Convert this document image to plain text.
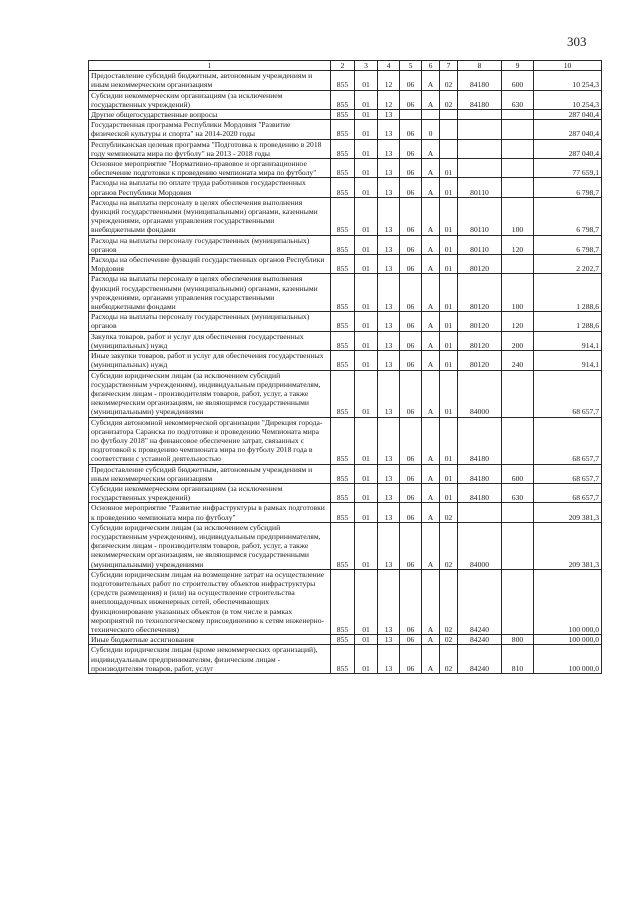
303
1	2	3	4	5	6	7	8	9	10
Предоставление субсидий бюджетным, автономным учреждениям и иным некоммерческим организациям	855	01	12	06	А	02	84180	600	10 254,3
Субсидии некоммерческим организациям (за исключением государственных учреждений)	855	01	12	06	А	02	84180	630	10 254,3
Другие общегосударственные вопросы	855	01	13						287 040,4
Государственная программа Республики Мордовия "Развитие физической культуры и спорта" на 2014-2020 годы	855	01	13	06	0				287 040,4
Республиканская целевая программа "Подготовка к проведению в 2018 году чемпионата мира по футболу" на 2013 - 2018 годы	855	01	13	06	А				287 040,4
Основное мероприятие "Нормативно-правовое и организационное обеспечение подготовки к проведению чемпионата мира по футболу"	855	01	13	06	А	01			77 659,1
Расходы на выплаты по оплате труда работников государственных органов Республики Мордовия	855	01	13	06	А	01	80110		6 798,7
Расходы на выплаты персоналу в целях обеспечения выполнения функций государственными (муниципальными) органами, казенными учреждениями, органами управления государственными внебюджетными фондами	855	01	13	06	А	01	80110	100	6 798,7
Расходы на выплаты персоналу государственных (муниципальных) органов	855	01	13	06	А	01	80110	120	6 798,7
Расходы на обеспечение функций государственных органов Республики Мордовия	855	01	13	06	А	01	80120		2 202,7
Расходы на выплаты персоналу в целях обеспечения выполнения функций государственными (муниципальными) органами, казенными учреждениями, органами управления государственными внебюджетными фондами	855	01	13	06	А	01	80120	100	1 288,6
Расходы на выплаты персоналу государственных (муниципальных) органов	855	01	13	06	А	01	80120	120	1 288,6
Закупка товаров, работ и услуг для обеспечения государственных (муниципальных) нужд	855	01	13	06	А	01	80120	200	914,1
Иные закупки товаров, работ и услуг для обеспечения государственных (муниципальных) нужд	855	01	13	06	А	01	80120	240	914,1
Субсидии юридическим лицам (за исключением субсидий государственным учреждениям), индивидуальным предпринимателям, физическим лицам - производителям товаров, работ, услуг, а также некоммерческим организациям, не являющимся государственными (муниципальными) учреждениями	855	01	13	06	А	01	84000		68 657,7
Субсидия автономной некоммерческой организации "Дирекция города-организатора Саранска по подготовке и проведению Чемпионата мира по футболу 2018" на финансовое обеспечение затрат, связанных с подготовкой к проведению чемпионата мира по футболу 2018 года в соответствии с уставной деятельностью	855	01	13	06	А	01	84180		68 657,7
Предоставление субсидий бюджетным, автономным учреждениям и иным некоммерческим организациям	855	01	13	06	А	01	84180	600	68 657,7
Субсидии некоммерческим организациям (за исключением государственных учреждений)	855	01	13	06	А	01	84180	630	68 657,7
Основное мероприятие "Развитие инфраструктуры в рамках подготовки к проведению чемпионата мира по футболу"	855	01	13	06	А	02			209 381,3
Субсидии юридическим лицам (за исключением субсидий государственным учреждениям), индивидуальным предпринимателям, физическим лицам - производителям товаров, работ, услуг, а также некоммерческим организациям, не являющимся государственными (муниципальными) учреждениями	855	01	13	06	А	02	84000		209 381,3
Субсидии юридическим лицам на возмещение затрат на осуществление подготовительных работ по строительству объектов инфраструктуры (средств размещения) и (или) на осуществление строительства внеплощадочных инженерных сетей, обеспечивающих функционирование указанных объектов (в том числе в рамках мероприятий по технологическому присоединению к сетям инженерно-технического обеспечения)	855	01	13	06	А	02	84240		100 000,0
Иные бюджетные ассигнования	855	01	13	06	А	02	84240	800	100 000,0
Субсидии юридическим лицам (кроме некоммерческих организаций), индивидуальным предпринимателям, физическим лицам - производителям товаров, работ, услуг	855	01	13	06	А	02	84240	810	100 000,0
